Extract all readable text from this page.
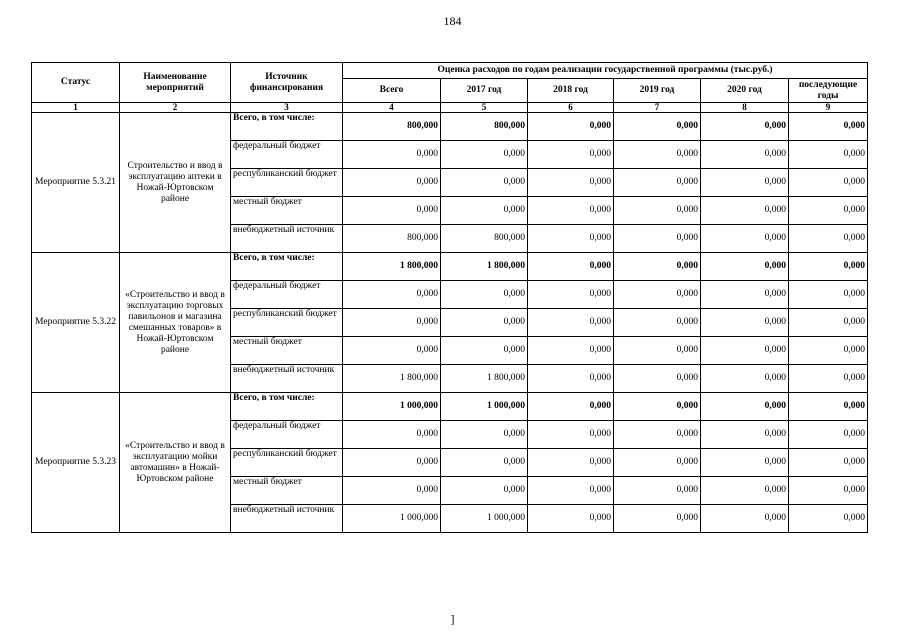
184
Статус	Наименование мероприятий	Источник финансирования	Оценка расходов по годам реализации государственной программы (тыс.руб.)					
			Всего	2017 год	2018 год	2019 год	2020 год	последующие годы
1	2	3	4	5	6	7	8	9
Мероприятие 5.3.21	Строительство и ввод в эксплуатацию аптеки в Ножай-Юртовском районе	Всего, в том числе:	800,000	800,000	0,000	0,000	0,000	0,000
		федеральный бюджет	0,000	0,000	0,000	0,000	0,000	0,000
		республиканский бюджет	0,000	0,000	0,000	0,000	0,000	0,000
		местный бюджет	0,000	0,000	0,000	0,000	0,000	0,000
		внебюджетный источник	800,000	800,000	0,000	0,000	0,000	0,000
Мероприятие 5.3.22	«Строительство и ввод в эксплуатацию торговых павильонов и магазина смешанных товаров» в Ножай-Юртовском районе	Всего, в том числе:	1 800,000	1 800,000	0,000	0,000	0,000	0,000
		федеральный бюджет	0,000	0,000	0,000	0,000	0,000	0,000
		республиканский бюджет	0,000	0,000	0,000	0,000	0,000	0,000
		местный бюджет	0,000	0,000	0,000	0,000	0,000	0,000
		внебюджетный источник	1 800,000	1 800,000	0,000	0,000	0,000	0,000
Мероприятие 5.3.23	«Строительство и ввод в эксплуатацию мойки автомашин» в Ножай-Юртовском районе	Всего, в том числе:	1 000,000	1 000,000	0,000	0,000	0,000	0,000
		федеральный бюджет	0,000	0,000	0,000	0,000	0,000	0,000
		республиканский бюджет	0,000	0,000	0,000	0,000	0,000	0,000
		местный бюджет	0,000	0,000	0,000	0,000	0,000	0,000
		внебюджетный источник	1 000,000	1 000,000	0,000	0,000	0,000	0,000
]
